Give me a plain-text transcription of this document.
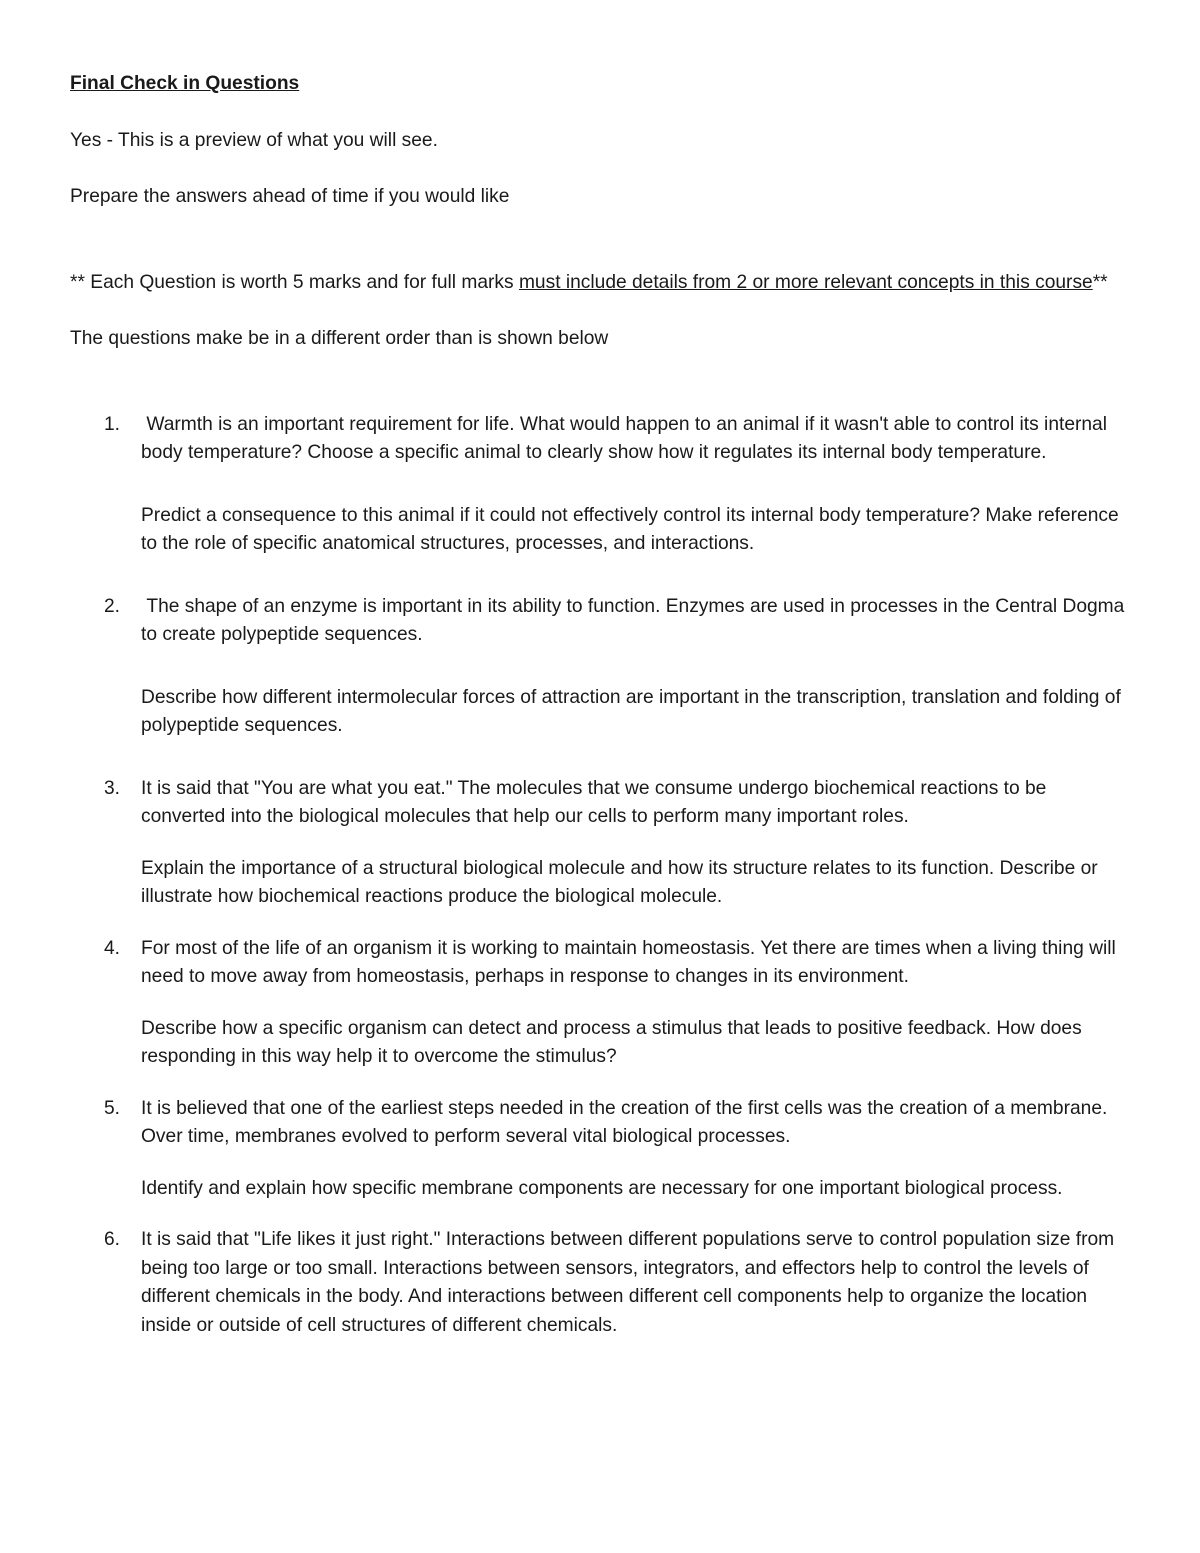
Final Check in Questions

Yes - This is a preview of what you will see.

Prepare the answers ahead of time if you would like

** Each Question is worth 5 marks and for full marks must include details from 2 or more relevant concepts in this course**

The questions make be in a different order than is shown below

1. Warmth is an important requirement for life. What would happen to an animal if it wasn't able to control its internal body temperature? Choose a specific animal to clearly show how it regulates its internal body temperature.

Predict a consequence to this animal if it could not effectively control its internal body temperature? Make reference to the role of specific anatomical structures, processes, and interactions.

2. The shape of an enzyme is important in its ability to function. Enzymes are used in processes in the Central Dogma to create polypeptide sequences.

Describe how different intermolecular forces of attraction are important in the transcription, translation and folding of polypeptide sequences.

3. It is said that "You are what you eat." The molecules that we consume undergo biochemical reactions to be converted into the biological molecules that help our cells to perform many important roles.

Explain the importance of a structural biological molecule and how its structure relates to its function. Describe or illustrate how biochemical reactions produce the biological molecule.

4. For most of the life of an organism it is working to maintain homeostasis. Yet there are times when a living thing will need to move away from homeostasis, perhaps in response to changes in its environment.

Describe how a specific organism can detect and process a stimulus that leads to positive feedback. How does responding in this way help it to overcome the stimulus?

5. It is believed that one of the earliest steps needed in the creation of the first cells was the creation of a membrane. Over time, membranes evolved to perform several vital biological processes.

Identify and explain how specific membrane components are necessary for one important biological process.

6. It is said that "Life likes it just right." Interactions between different populations serve to control population size from being too large or too small. Interactions between sensors, integrators, and effectors help to control the levels of different chemicals in the body. And interactions between different cell components help to organize the location inside or outside of cell structures of different chemicals.
